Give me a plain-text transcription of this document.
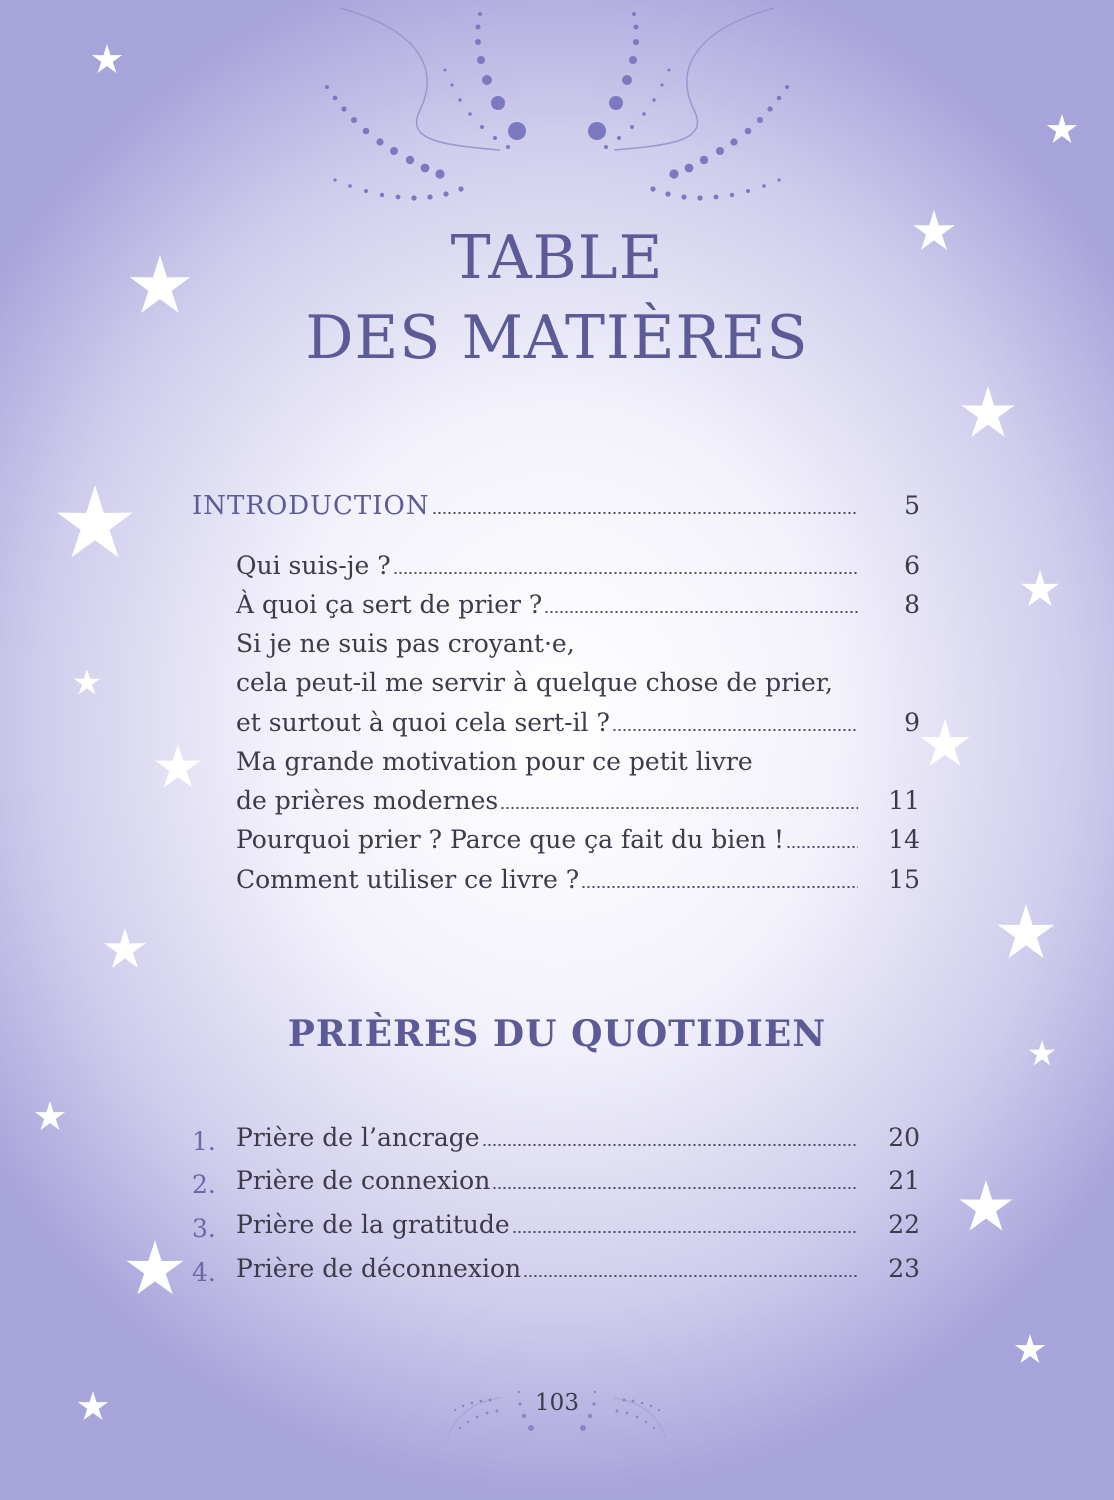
TABLE
DES MATIÈRES
INTRODUCTION	5
Qui suis-je ?	6
À quoi ça sert de prier ?	8
Si je ne suis pas croyant·e,
cela peut-il me servir à quelque chose de prier,
et surtout à quoi cela sert-il ?	9
Ma grande motivation pour ce petit livre
de prières modernes	11
Pourquoi prier ? Parce que ça fait du bien !	14
Comment utiliser ce livre ?	15
PRIÈRES DU QUOTIDIEN
1. Prière de l’ancrage	20
2. Prière de connexion	21
3. Prière de la gratitude	22
4. Prière de déconnexion	23
103
